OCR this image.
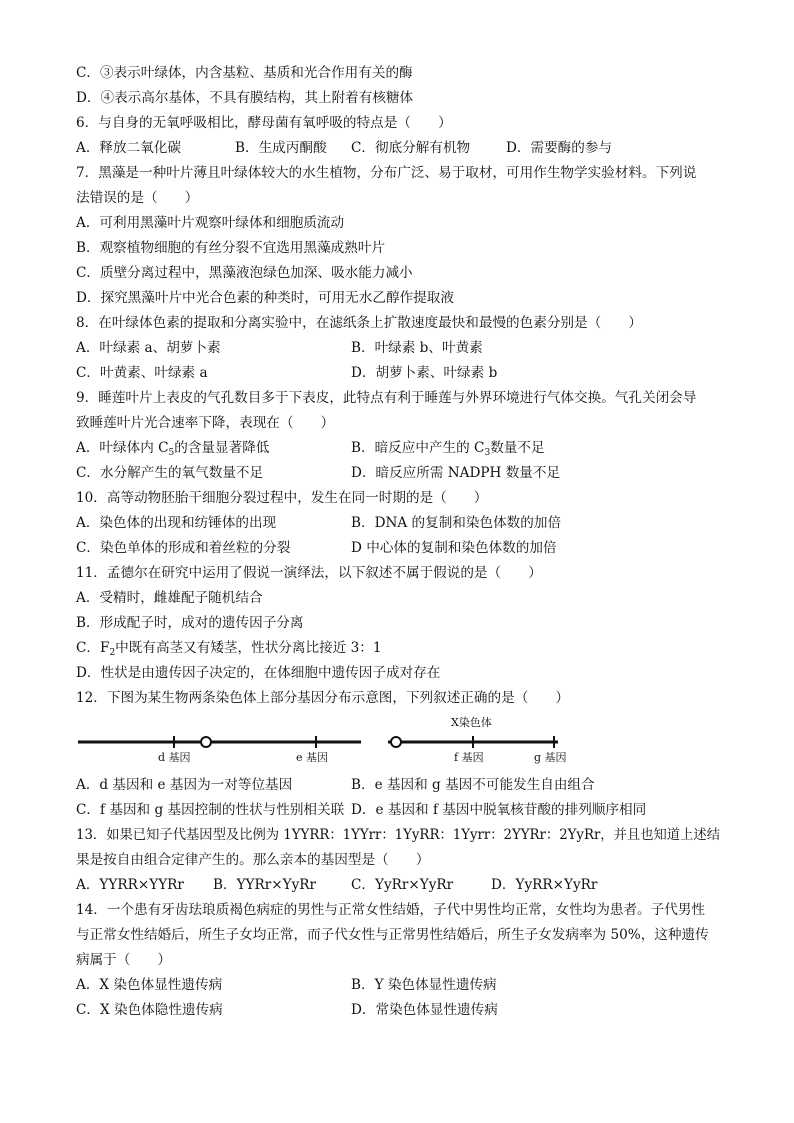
C．③表示叶绿体，内含基粒、基质和光合作用有关的酶
D．④表示高尔基体，不具有膜结构，其上附着有核糖体
6．与自身的无氧呼吸相比，酵母菌有氧呼吸的特点是（　　）
A．释放二氧化碳	B．生成丙酮酸 C．彻底分解有机物	D．需要酶的参与
7．黑藻是一种叶片薄且叶绿体较大的水生植物，分布广泛、易于取材，可用作生物学实验材料。下列说
法错误的是（　　）
A．可利用黑藻叶片观察叶绿体和细胞质流动
B．观察植物细胞的有丝分裂不宜选用黑藻成熟叶片
C．质壁分离过程中，黑藻液泡绿色加深、吸水能力减小
D．探究黑藻叶片中光合色素的种类时，可用无水乙醇作提取液
8．在叶绿体色素的提取和分离实验中，在滤纸条上扩散速度最快和最慢的色素分别是（　　）
A．叶绿素 a、胡萝卜素	B．叶绿素 b、叶黄素
C．叶黄素、叶绿素 a	D．胡萝卜素、叶绿素 b
9．睡莲叶片上表皮的气孔数目多于下表皮，此特点有利于睡莲与外界环境进行气体交换。气孔关闭会导
致睡莲叶片光合速率下降，表现在（　　）
A．叶绿体内 $C_5$的含量显著降低	B．暗反应中产生的 $C_3$数量不足
C．水分解产生的氧气数量不足	D．暗反应所需 NADPH 数量不足
10．高等动物胚胎干细胞分裂过程中，发生在同一时期的是（　　）
A．染色体的出现和纺锤体的出现	B．DNA 的复制和染色体数的加倍
C．染色单体的形成和着丝粒的分裂	D 中心体的复制和染色体数的加倍
11．孟德尔在研究中运用了假说一演绎法，以下叙述不属于假说的是（　　）
A．受精时，雌雄配子随机结合
B．形成配子时，成对的遗传因子分离
C．$F_2$中既有高茎又有矮茎，性状分离比接近 3：1
D．性状是由遗传因子决定的，在体细胞中遗传因子成对存在
12．下图为某生物两条染色体上部分基因分布示意图，下列叙述正确的是（　　）
d 基因	e 基因
X染色体
f 基因	g 基因
A．d 基因和 e 基因为一对等位基因	B．e 基因和 g 基因不可能发生自由组合
C．f 基因和 g 基因控制的性状与性别相关联 D．e 基因和 f 基因中脱氧核苷酸的排列顺序相同
13．如果已知子代基因型及比例为 1YYRR：1YYrr：1YyRR：1Yyrr：2YYRr：2YyRr，并且也知道上述结
果是按自由组合定律产生的。那么亲本的基因型是（　　）
A．YYRR×YYRr B．YYRr×YyRr	C．YyRr×YyRr	D．YyRR×YyRr
14．一个患有牙齿珐琅质褐色病症的男性与正常女性结婚，子代中男性均正常，女性均为患者。子代男性
与正常女性结婚后，所生子女均正常，而子代女性与正常男性结婚后，所生子女发病率为 50%，这种遗传
病属于（　　）
A．X 染色体显性遗传病	B．Y 染色体显性遗传病
C．X 染色体隐性遗传病	D．常染色体显性遗传病
